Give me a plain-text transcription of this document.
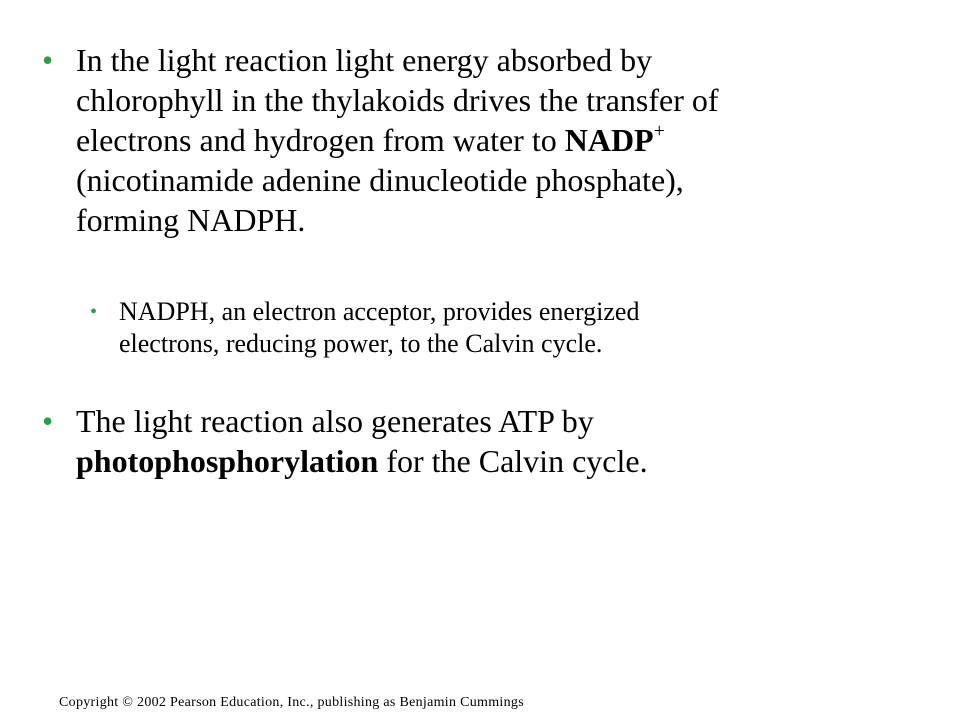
• In the light reaction light energy absorbed by
chlorophyll in the thylakoids drives the transfer of
electrons and hydrogen from water to NADP+
(nicotinamide adenine dinucleotide phosphate),
forming NADPH.
• NADPH, an electron acceptor, provides energized
electrons, reducing power, to the Calvin cycle.
• The light reaction also generates ATP by
photophosphorylation for the Calvin cycle.
Copyright © 2002 Pearson Education, Inc., publishing as Benjamin Cummings
